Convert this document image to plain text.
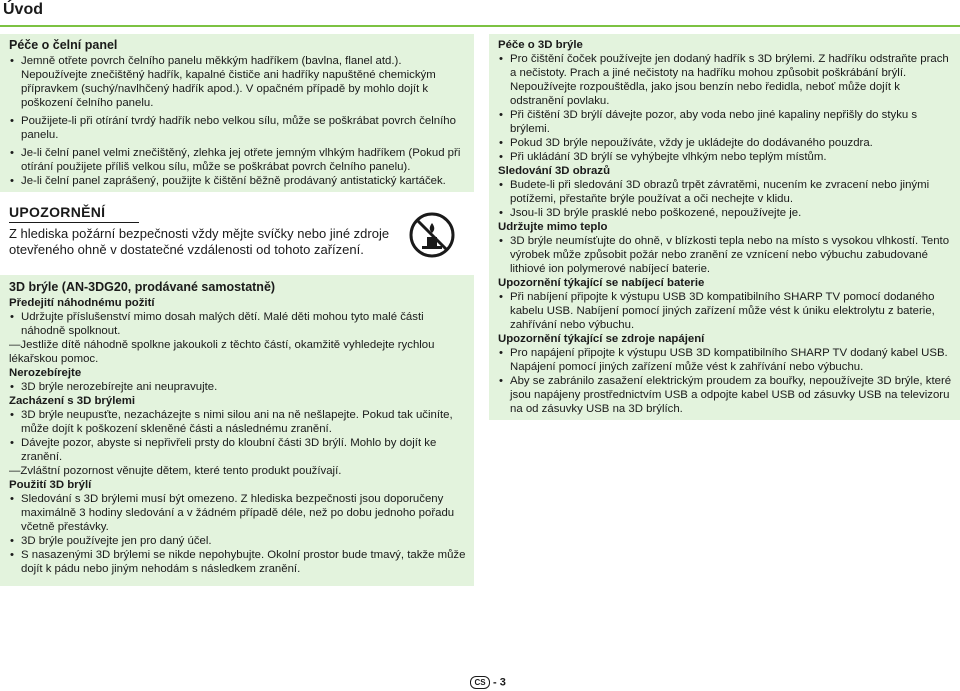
Úvod

Péče o čelní panel

• Jemně otřete povrch čelního panelu měkkým hadříkem (bavlna, flanel atd.). Nepoužívejte znečištěný hadřík, kapalné čističe ani hadříky napuštěné chemickým přípravkem (suchý/navlhčený hadřík apod.). V opačném případě by mohlo dojít k poškození čelního panelu.
• Použijete-li při otírání tvrdý hadřík nebo velkou sílu, může se poškrábat povrch čelního panelu.
• Je-li čelní panel velmi znečištěný, zlehka jej otřete jemným vlhkým hadříkem (Pokud při otírání použijete příliš velkou sílu, může se poškrábat povrch čelního panelu).
• Je-li čelní panel zaprášený, použijte k čištění běžně prodávaný antistatický kartáček.
UPOZORNĚNÍ
Z hlediska požární bezpečnosti vždy mějte svíčky nebo jiné zdroje otevřeného ohně v dostatečné vzdálenosti od tohoto zařízení.

3D brýle (AN-3DG20, prodávané samostatně)

Předejití náhodnému požití

• Udržujte příslušenství mimo dosah malých dětí. Malé děti mohou tyto malé části náhodně spolknout.

—Jestliže dítě náhodně spolkne jakoukoli z těchto částí, okamžitě vyhledejte rychlou lékařskou pomoc.

Nerozebírejte

• 3D brýle nerozebírejte ani neupravujte.

Zacházení s 3D brýlemi

• 3D brýle neupusťte, nezacházejte s nimi silou ani na ně nešlapejte. Pokud tak učiníte, může dojít k poškození skleněné části a následnému zranění.
• Dávejte pozor, abyste si nepřivřeli prsty do kloubní části 3D brýlí. Mohlo by dojít ke zranění.

—Zvláštní pozornost věnujte dětem, které tento produkt používají.

Použití 3D brýlí

• Sledování s 3D brýlemi musí být omezeno. Z hlediska bezpečnosti jsou doporučeny maximálně 3 hodiny sledování a v žádném případě déle, než po dobu jednoho pořadu včetně přestávky.
• 3D brýle používejte jen pro daný účel.
• S nasazenými 3D brýlemi se nikde nepohybujte. Okolní prostor bude tmavý, takže může dojít k pádu nebo jiným nehodám s následkem zranění.

Péče o 3D brýle

• Pro čištění čoček používejte jen dodaný hadřík s 3D brýlemi. Z hadříku odstraňte prach a nečistoty. Prach a jiné nečistoty na hadříku mohou způsobit poškrábání brýlí. Nepoužívejte rozpouštědla, jako jsou benzín nebo ředidla, neboť může dojít k odstranění povlaku.
• Při čištění 3D brýlí dávejte pozor, aby voda nebo jiné kapaliny nepřišly do styku s brýlemi.
• Pokud 3D brýle nepoužíváte, vždy je ukládejte do dodávaného pouzdra.
• Při ukládání 3D brýlí se vyhýbejte vlhkým nebo teplým místům.

Sledování 3D obrazů

• Budete-li při sledování 3D obrazů trpět závratěmi, nucením ke zvracení nebo jinými potížemi, přestaňte brýle používat a oči nechejte v klidu.
• Jsou-li 3D brýle prasklé nebo poškozené, nepoužívejte je.

Udržujte mimo teplo

• 3D brýle neumísťujte do ohně, v blízkosti tepla nebo na místo s vysokou vlhkostí. Tento výrobek může způsobit požár nebo zranění ze vznícení nebo výbuchu zabudované lithiové ion polymerové nabíjecí baterie.

Upozornění týkající se nabíjecí baterie

• Při nabíjení připojte k výstupu USB 3D kompatibilního SHARP TV pomocí dodaného kabelu USB. Nabíjení pomocí jiných zařízení může vést k úniku elektrolytu z baterie, zahřívání nebo výbuchu.

Upozornění týkající se zdroje napájení

• Pro napájení připojte k výstupu USB 3D kompatibilního SHARP TV dodaný kabel USB. Napájení pomocí jiných zařízení může vést k zahřívání nebo výbuchu.
• Aby se zabránilo zasažení elektrickým proudem za bouřky, nepoužívejte 3D brýle, které jsou napájeny prostřednictvím USB a odpojte kabel USB od zásuvky USB na televizoru na od zásuvky USB na 3D brýlích.
CS - 3
